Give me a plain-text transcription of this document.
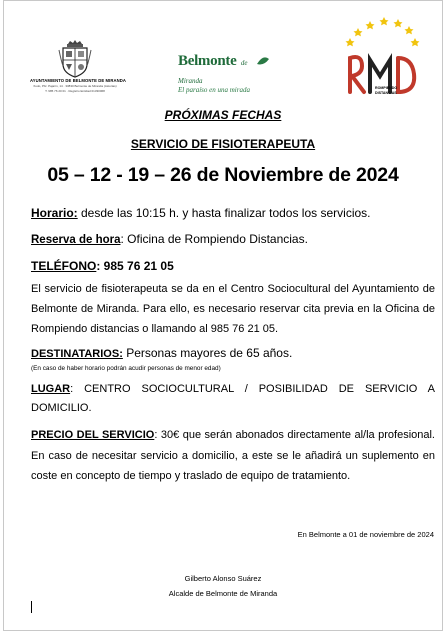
AYUNTAMIENTO DE BELMONTE DE MIRANDA
Xudo, Pbr. Pajarín, 14 · 33830 Belmonte de Miranda (Asturias)
T. 985 76 20 01 · Registro Entidad 01330068
Belmonte de Miranda
El paraíso en una mirada	ROMPIENDO
DISTANCIAS
PRÓXIMAS FECHAS
SERVICIO DE FISIOTERAPEUTA
05 – 12 - 19 – 26 de Noviembre de 2024
Horario: desde las 10:15 h. y hasta finalizar todos los servicios.
Reserva de hora: Oficina de Rompiendo Distancias.
TELÉFONO: 985 76 21 05
El servicio de fisioterapeuta se da en el Centro Sociocultural del Ayuntamiento de Belmonte de Miranda. Para ello, es necesario reservar cita previa en la Oficina de Rompiendo distancias o llamando al 985 76 21 05.
DESTINATARIOS: Personas mayores de 65 años.
(En caso de haber horario podrán acudir personas de menor edad)
LUGAR: CENTRO SOCIOCULTURAL / POSIBILIDAD DE SERVICIO A DOMICILIO.
PRECIO DEL SERVICIO: 30€ que serán abonados directamente al/la profesional. En caso de necesitar servicio a domicilio, a este se le añadirá un suplemento en coste en concepto de tiempo y traslado de equipo de tratamiento.
En Belmonte a 01 de noviembre de 2024
Gilberto Alonso Suárez
Alcalde de Belmonte de Miranda
